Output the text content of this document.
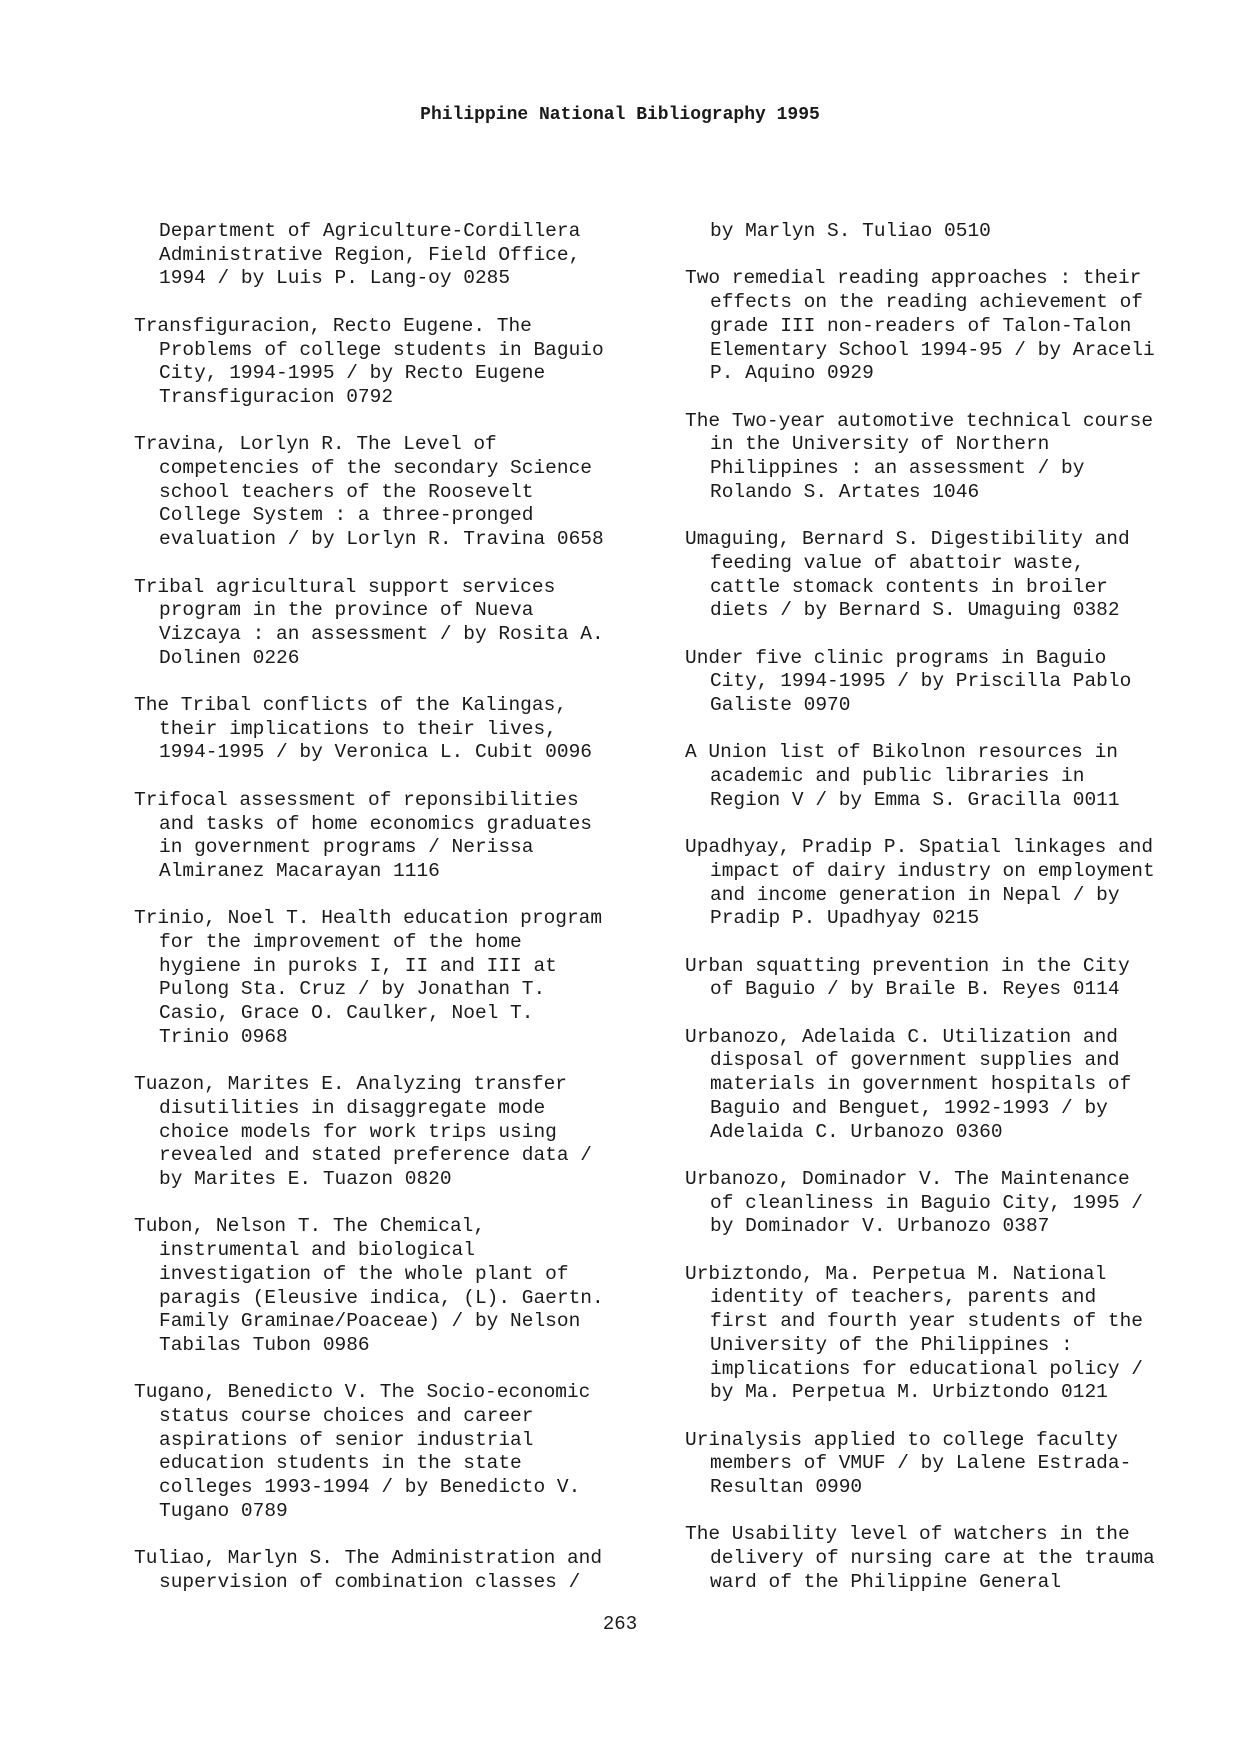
Philippine National Bibliography 1995

Department of Agriculture-Cordillera
Administrative Region, Field Office,
1994 / by Luis P. Lang-oy 0285

Transfiguracion, Recto Eugene. The
Problems of college students in Baguio
City, 1994-1995 / by Recto Eugene
Transfiguracion 0792

Travina, Lorlyn R. The Level of
competencies of the secondary Science
school teachers of the Roosevelt
College System : a three-pronged
evaluation / by Lorlyn R. Travina 0658

Tribal agricultural support services
program in the province of Nueva
Vizcaya : an assessment / by Rosita A.
Dolinen 0226

The Tribal conflicts of the Kalingas,
their implications to their lives,
1994-1995 / by Veronica L. Cubit 0096

Trifocal assessment of reponsibilities
and tasks of home economics graduates
in government programs / Nerissa
Almiranez Macarayan 1116

Trinio, Noel T. Health education program
for the improvement of the home
hygiene in puroks I, II and III at
Pulong Sta. Cruz / by Jonathan T.
Casio, Grace O. Caulker, Noel T.
Trinio 0968

Tuazon, Marites E. Analyzing transfer
disutilities in disaggregate mode
choice models for work trips using
revealed and stated preference data /
by Marites E. Tuazon 0820

Tubon, Nelson T. The Chemical,
instrumental and biological
investigation of the whole plant of
paragis (Eleusive indica, (L). Gaertn.
Family Graminae/Poaceae) / by Nelson
Tabilas Tubon 0986

Tugano, Benedicto V. The Socio-economic
status course choices and career
aspirations of senior industrial
education students in the state
colleges 1993-1994 / by Benedicto V.
Tugano 0789

Tuliao, Marlyn S. The Administration and
supervision of combination classes /

by Marlyn S. Tuliao 0510

Two remedial reading approaches : their
effects on the reading achievement of
grade III non-readers of Talon-Talon
Elementary School 1994-95 / by Araceli
P. Aquino 0929

The Two-year automotive technical course
in the University of Northern
Philippines : an assessment / by
Rolando S. Artates 1046

Umaguing, Bernard S. Digestibility and
feeding value of abattoir waste,
cattle stomack contents in broiler
diets / by Bernard S. Umaguing 0382

Under five clinic programs in Baguio
City, 1994-1995 / by Priscilla Pablo
Galiste 0970

A Union list of Bikolnon resources in
academic and public libraries in
Region V / by Emma S. Gracilla 0011

Upadhyay, Pradip P. Spatial linkages and
impact of dairy industry on employment
and income generation in Nepal / by
Pradip P. Upadhyay 0215

Urban squatting prevention in the City
of Baguio / by Braile B. Reyes 0114

Urbanozo, Adelaida C. Utilization and
disposal of government supplies and
materials in government hospitals of
Baguio and Benguet, 1992-1993 / by
Adelaida C. Urbanozo 0360

Urbanozo, Dominador V. The Maintenance
of cleanliness in Baguio City, 1995 /
by Dominador V. Urbanozo 0387

Urbiztondo, Ma. Perpetua M. National
identity of teachers, parents and
first and fourth year students of the
University of the Philippines :
implications for educational policy /
by Ma. Perpetua M. Urbiztondo 0121

Urinalysis applied to college faculty
members of VMUF / by Lalene Estrada-
Resultan 0990

The Usability level of watchers in the
delivery of nursing care at the trauma
ward of the Philippine General

263
